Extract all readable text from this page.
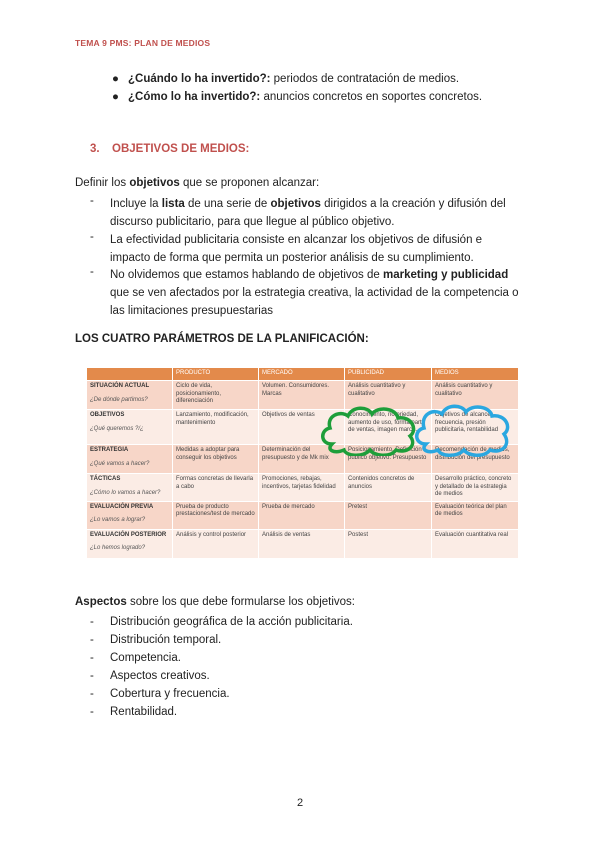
TEMA 9 PMS: PLAN DE MEDIOS
● ¿Cuándo lo ha invertido?: periodos de contratación de medios.
● ¿Cómo lo ha invertido?: anuncios concretos en soportes concretos.
3. OBJETIVOS DE MEDIOS:
Definir los objetivos que se proponen alcanzar:
- Incluye la lista de una serie de objetivos dirigidos a la creación y difusión del discurso publicitario, para que llegue al público objetivo.
- La efectividad publicitaria consiste en alcanzar los objetivos de difusión e impacto de forma que permita un posterior análisis de su cumplimiento.
- No olvidemos que estamos hablando de objetivos de marketing y publicidad que se ven afectados por la estrategia creativa, la actividad de la competencia o las limitaciones presupuestarias
LOS CUATRO PARÁMETROS DE LA PLANIFICACIÓN:
	PRODUCTO	MERCADO	PUBLICIDAD	MEDIOS
SITUACIÓN ACTUAL
¿De dónde partimos?	Ciclo de vida, posicionamiento, diferenciación	Volumen. Consumidores. Marcas	Análisis cuantitativo y cualitativo	Análisis cuantitativo y cualitativo
OBJETIVOS
¿Qué queremos ?/¿	Lanzamiento, modificación, mantenimiento	Objetivos de ventas	Conocimiento, notoriedad, aumento de uso, forma parte de ventas, imagen marca...	Objetivos de alcance, frecuencia, presión publicitaria, rentabilidad
ESTRATEGIA
¿Qué vamos a hacer?	Medidas a adoptar para conseguir los objetivos	Determinación del presupuesto y de Mk mix	Posicionamiento. Definición público objetivo. Presupuesto	Recomendación de medios, distribución del presupuesto
TÁCTICAS
¿Cómo lo vamos a hacer?	Formas concretas de llevarla a cabo	Promociones, rebajas, incentivos, tarjetas fidelidad	Contenidos concretos de anuncios	Desarrollo práctico, concreto y detallado de la estrategia de medios
EVALUACIÓN PREVIA
¿Lo vamos a lograr?	Prueba de producto prestaciones/test de mercado	Prueba de mercado	Pretest	Evaluación teórica del plan de medios
EVALUACIÓN POSTERIOR
¿Lo hemos logrado?	Análisis y control posterior	Análisis de ventas	Postest	Evaluación cuantitativa real
Aspectos sobre los que debe formularse los objetivos:
- Distribución geográfica de la acción publicitaria.
- Distribución temporal.
- Competencia.
- Aspectos creativos.
- Cobertura y frecuencia.
- Rentabilidad.
2
